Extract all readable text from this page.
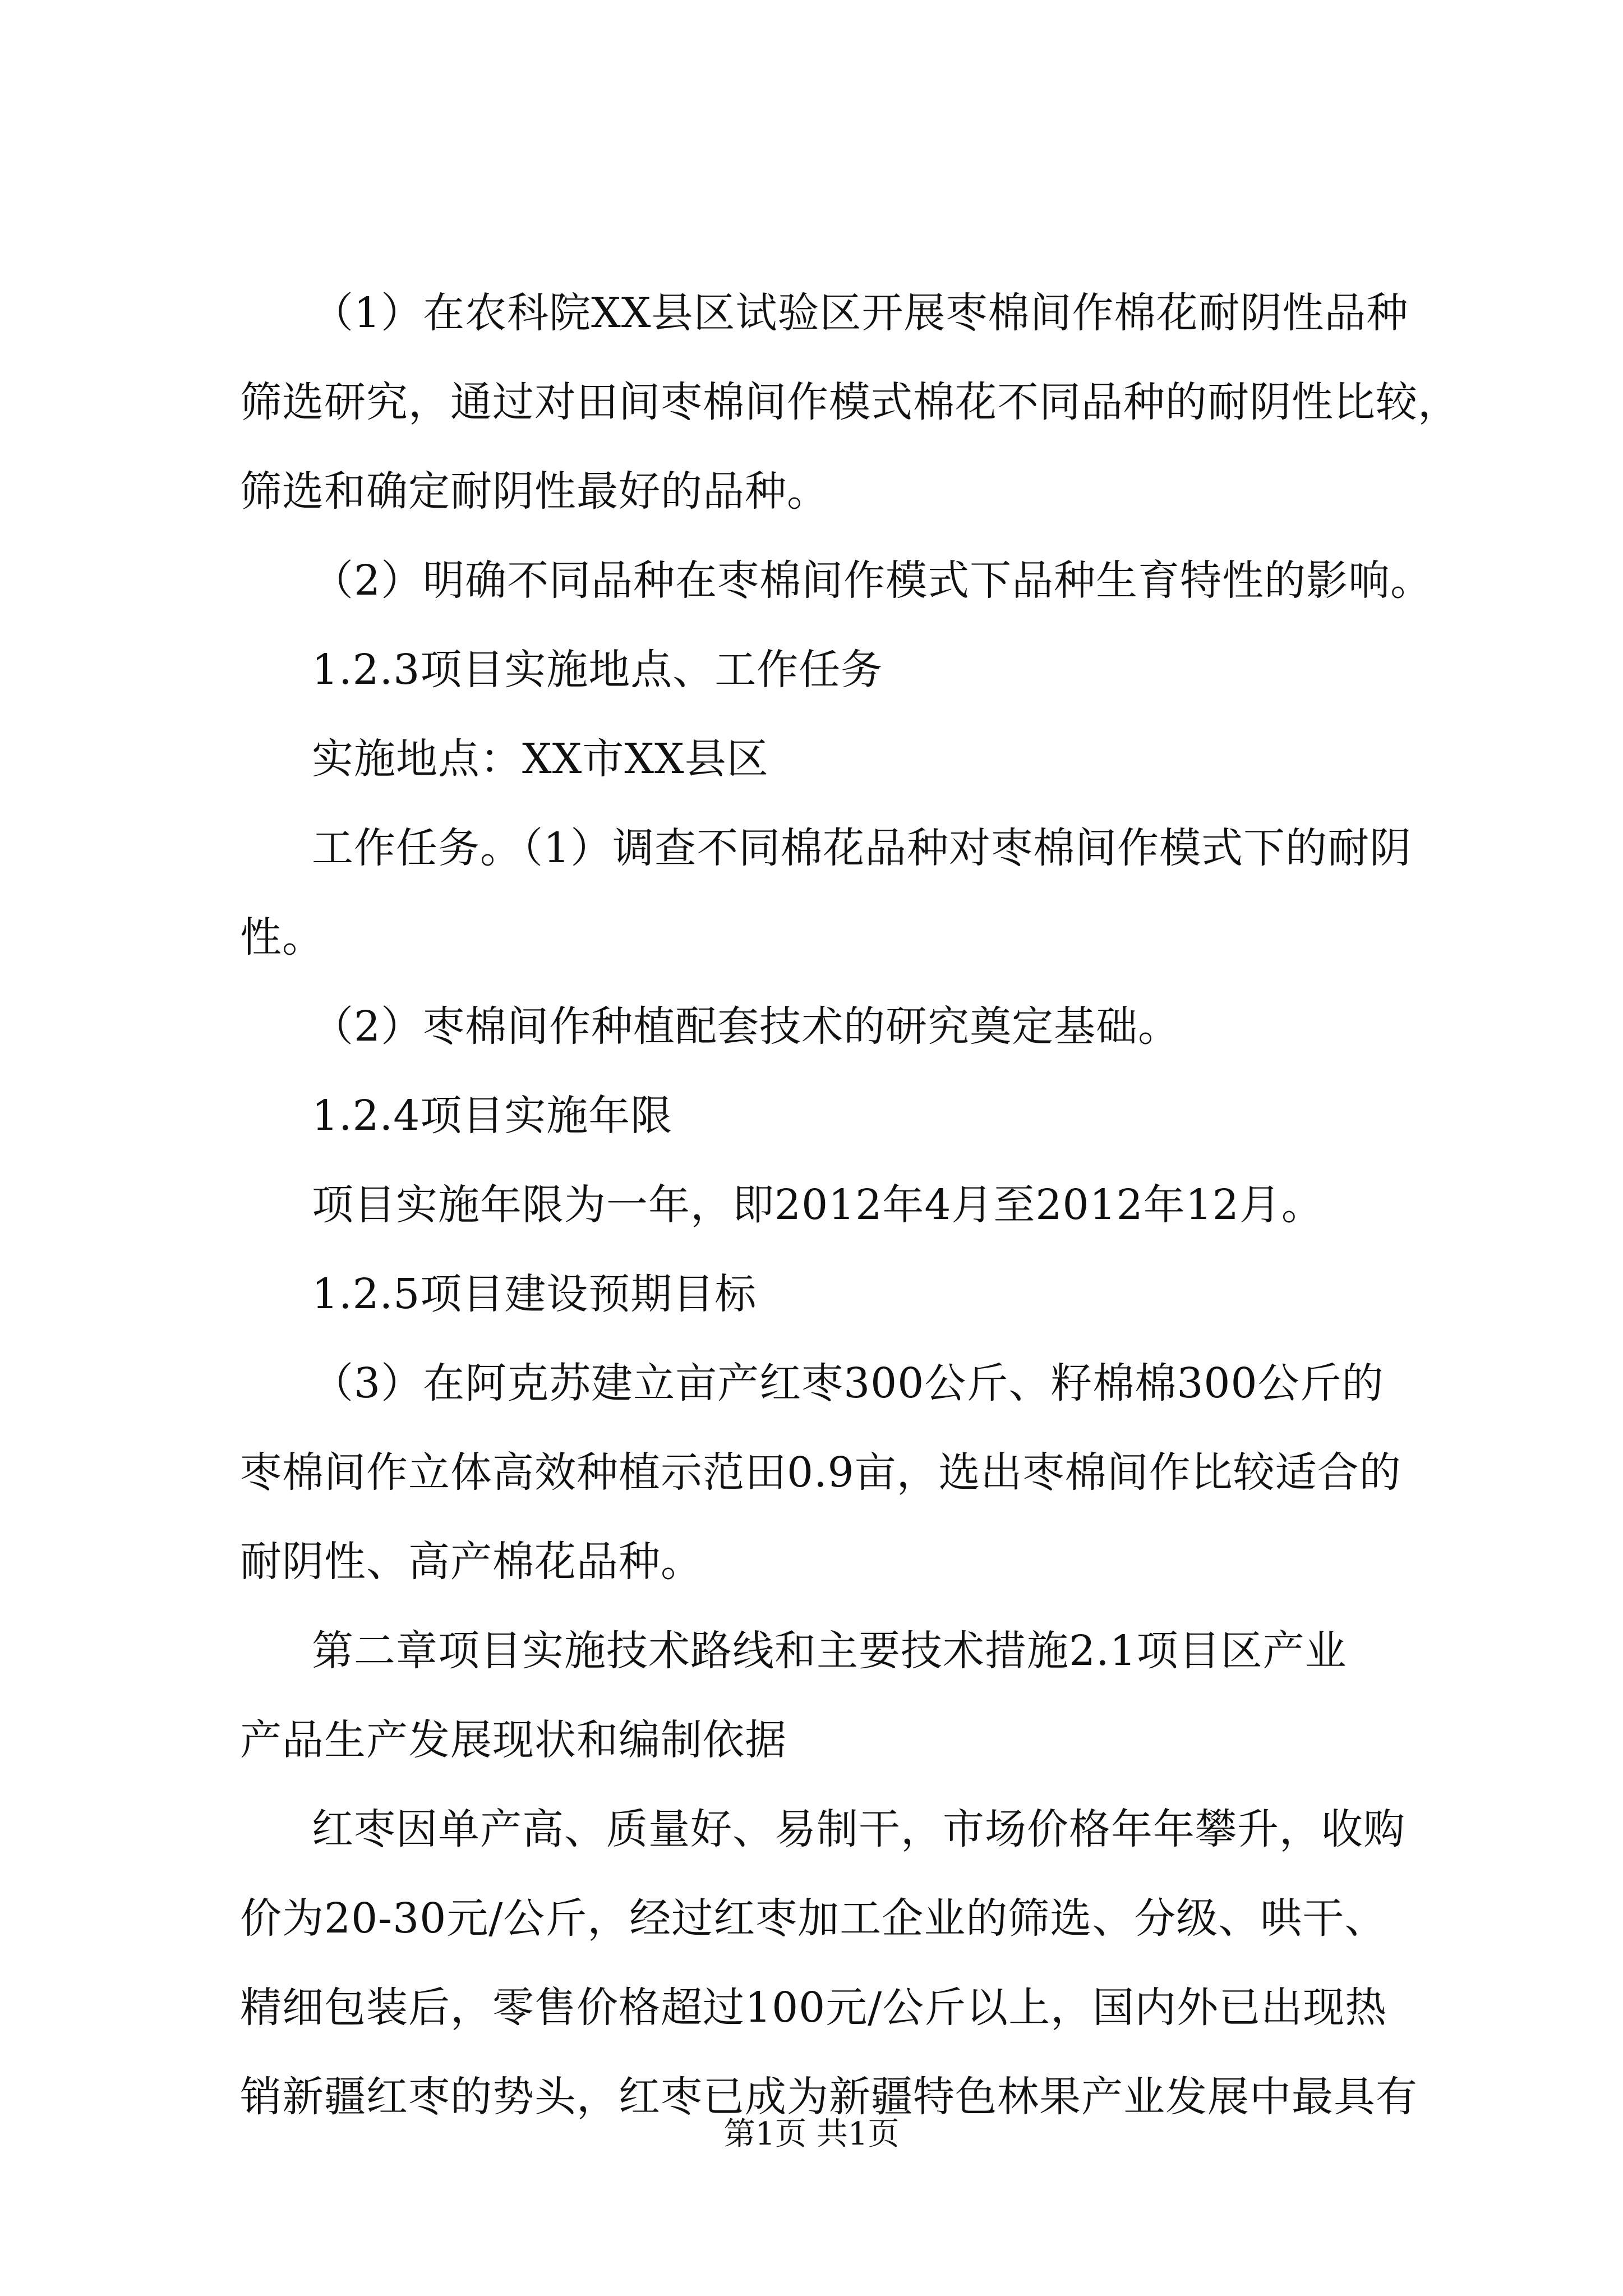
（1）在农科院XX县区试验区开展枣棉间作棉花耐阴性品种
筛选研究，通过对田间枣棉间作模式棉花不同品种的耐阴性比较，
筛选和确定耐阴性最好的品种。
（2）明确不同品种在枣棉间作模式下品种生育特性的影响。
1.2.3项目实施地点、工作任务
实施地点：XX市XX县区
工作任务。（1）调查不同棉花品种对枣棉间作模式下的耐阴
性。
（2）枣棉间作种植配套技术的研究奠定基础。
1.2.4项目实施年限
项目实施年限为一年，即2012年4月至2012年12月。
1.2.5项目建设预期目标
（3）在阿克苏建立亩产红枣300公斤、籽棉棉300公斤的
枣棉间作立体高效种植示范田0.9亩，选出枣棉间作比较适合的
耐阴性、高产棉花品种。
第二章项目实施技术路线和主要技术措施2.1项目区产业
产品生产发展现状和编制依据
红枣因单产高、质量好、易制干，市场价格年年攀升，收购
价为20-30元/公斤，经过红枣加工企业的筛选、分级、哄干、
精细包装后，零售价格超过100元/公斤以上，国内外已出现热
销新疆红枣的势头，红枣已成为新疆特色林果产业发展中最具有
第1页 共1页
